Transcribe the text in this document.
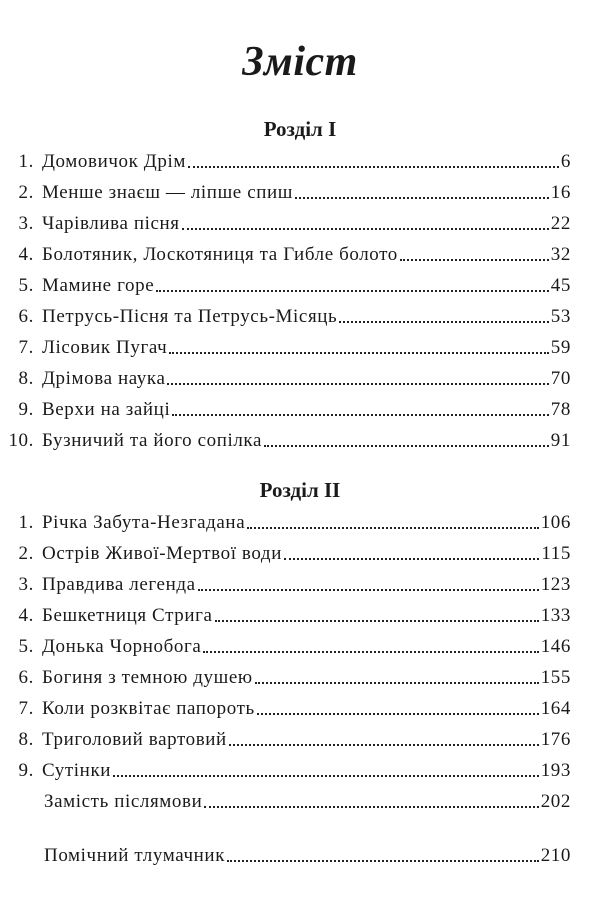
Зміст
Розділ I
1. Домовичок Дрім	6
2. Менше знаєш — ліпше спиш	16
3. Чарівлива пісня	22
4. Болотяник, Лоскотяниця та Гибле болото	32
5. Мамине горе	45
6. Петрусь-Пісня та Петрусь-Місяць	53
7. Лісовик Пугач	59
8. Дрімова наука	70
9. Верхи на зайці	78
10. Бузничий та його сопілка	91
Розділ II
1. Річка Забута-Незгадана	106
2. Острів Живої-Мертвої води	115
3. Правдива легенда	123
4. Бешкетниця Стрига	133
5. Донька Чорнобога	146
6. Богиня з темною душею	155
7. Коли розквітає папороть	164
8. Триголовий вартовий	176
9. Сутінки	193
Замість післямови	202
Помічний тлумачник	210
